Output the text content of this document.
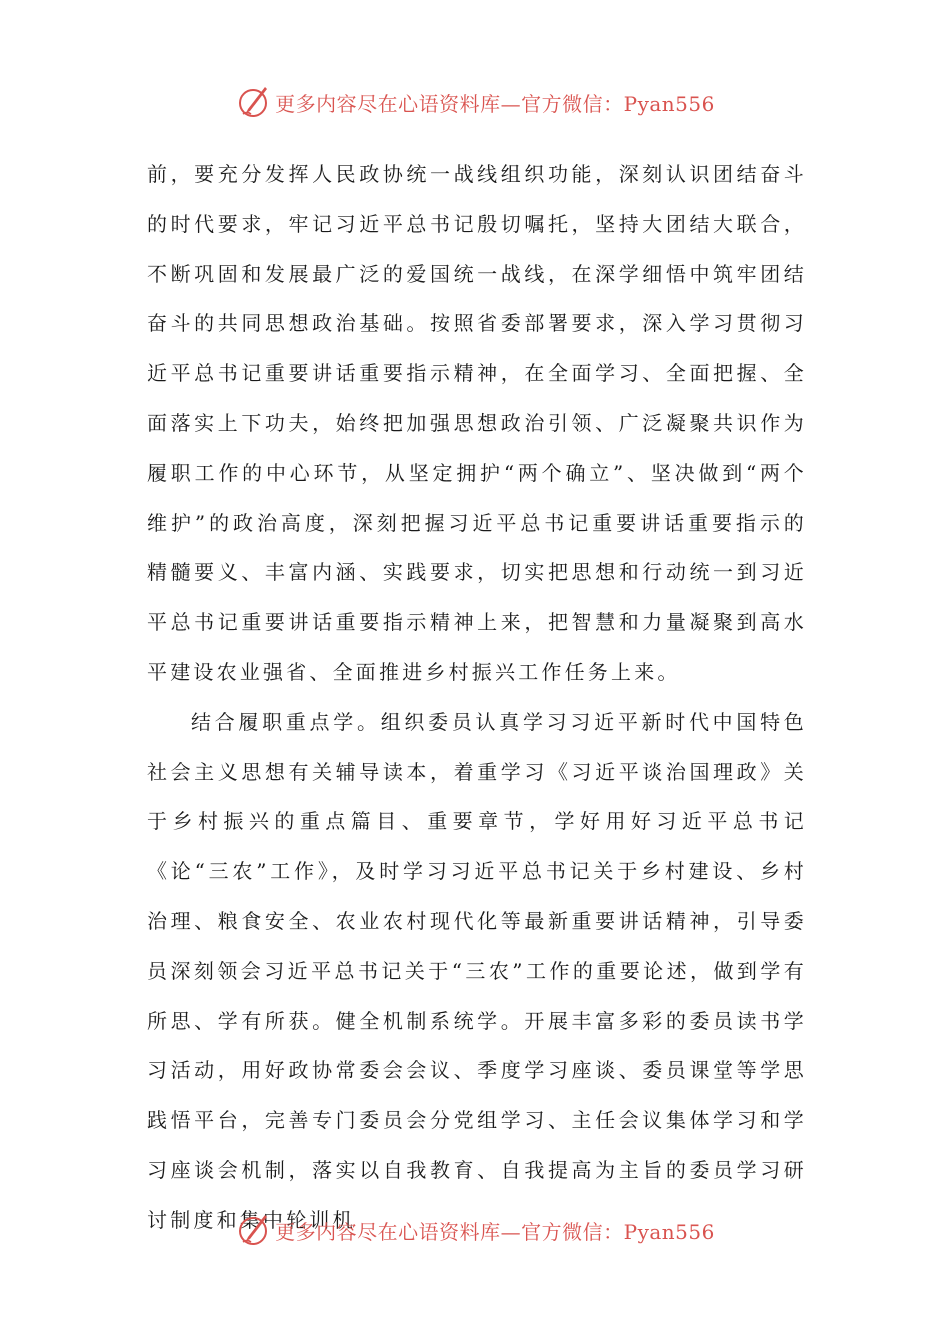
更多内容尽在心语资料库—官方微信：Pyan556

前，要充分发挥人民政协统一战线组织功能，深刻认识团结奋斗的时代要求，牢记习近平总书记殷切嘱托，坚持大团结大联合，不断巩固和发展最广泛的爱国统一战线，在深学细悟中筑牢团结奋斗的共同思想政治基础。按照省委部署要求，深入学习贯彻习近平总书记重要讲话重要指示精神，在全面学习、全面把握、全面落实上下功夫，始终把加强思想政治引领、广泛凝聚共识作为履职工作的中心环节，从坚定拥护“两个确立”、坚决做到“两个维护”的政治高度，深刻把握习近平总书记重要讲话重要指示的精髓要义、丰富内涵、实践要求，切实把思想和行动统一到习近平总书记重要讲话重要指示精神上来，把智慧和力量凝聚到高水平建设农业强省、全面推进乡村振兴工作任务上来。

结合履职重点学。组织委员认真学习习近平新时代中国特色社会主义思想有关辅导读本，着重学习《习近平谈治国理政》关于乡村振兴的重点篇目、重要章节，学好用好习近平总书记《论“三农”工作》，及时学习习近平总书记关于乡村建设、乡村治理、粮食安全、农业农村现代化等最新重要讲话精神，引导委员深刻领会习近平总书记关于“三农”工作的重要论述，做到学有所思、学有所获。健全机制系统学。开展丰富多彩的委员读书学习活动，用好政协常委会会议、季度学习座谈、委员课堂等学思践悟平台，完善专门委员会分党组学习、主任会议集体学习和学习座谈会机制，落实以自我教育、自我提高为主旨的委员学习研讨制度和集中轮训机

更多内容尽在心语资料库—官方微信：Pyan556
